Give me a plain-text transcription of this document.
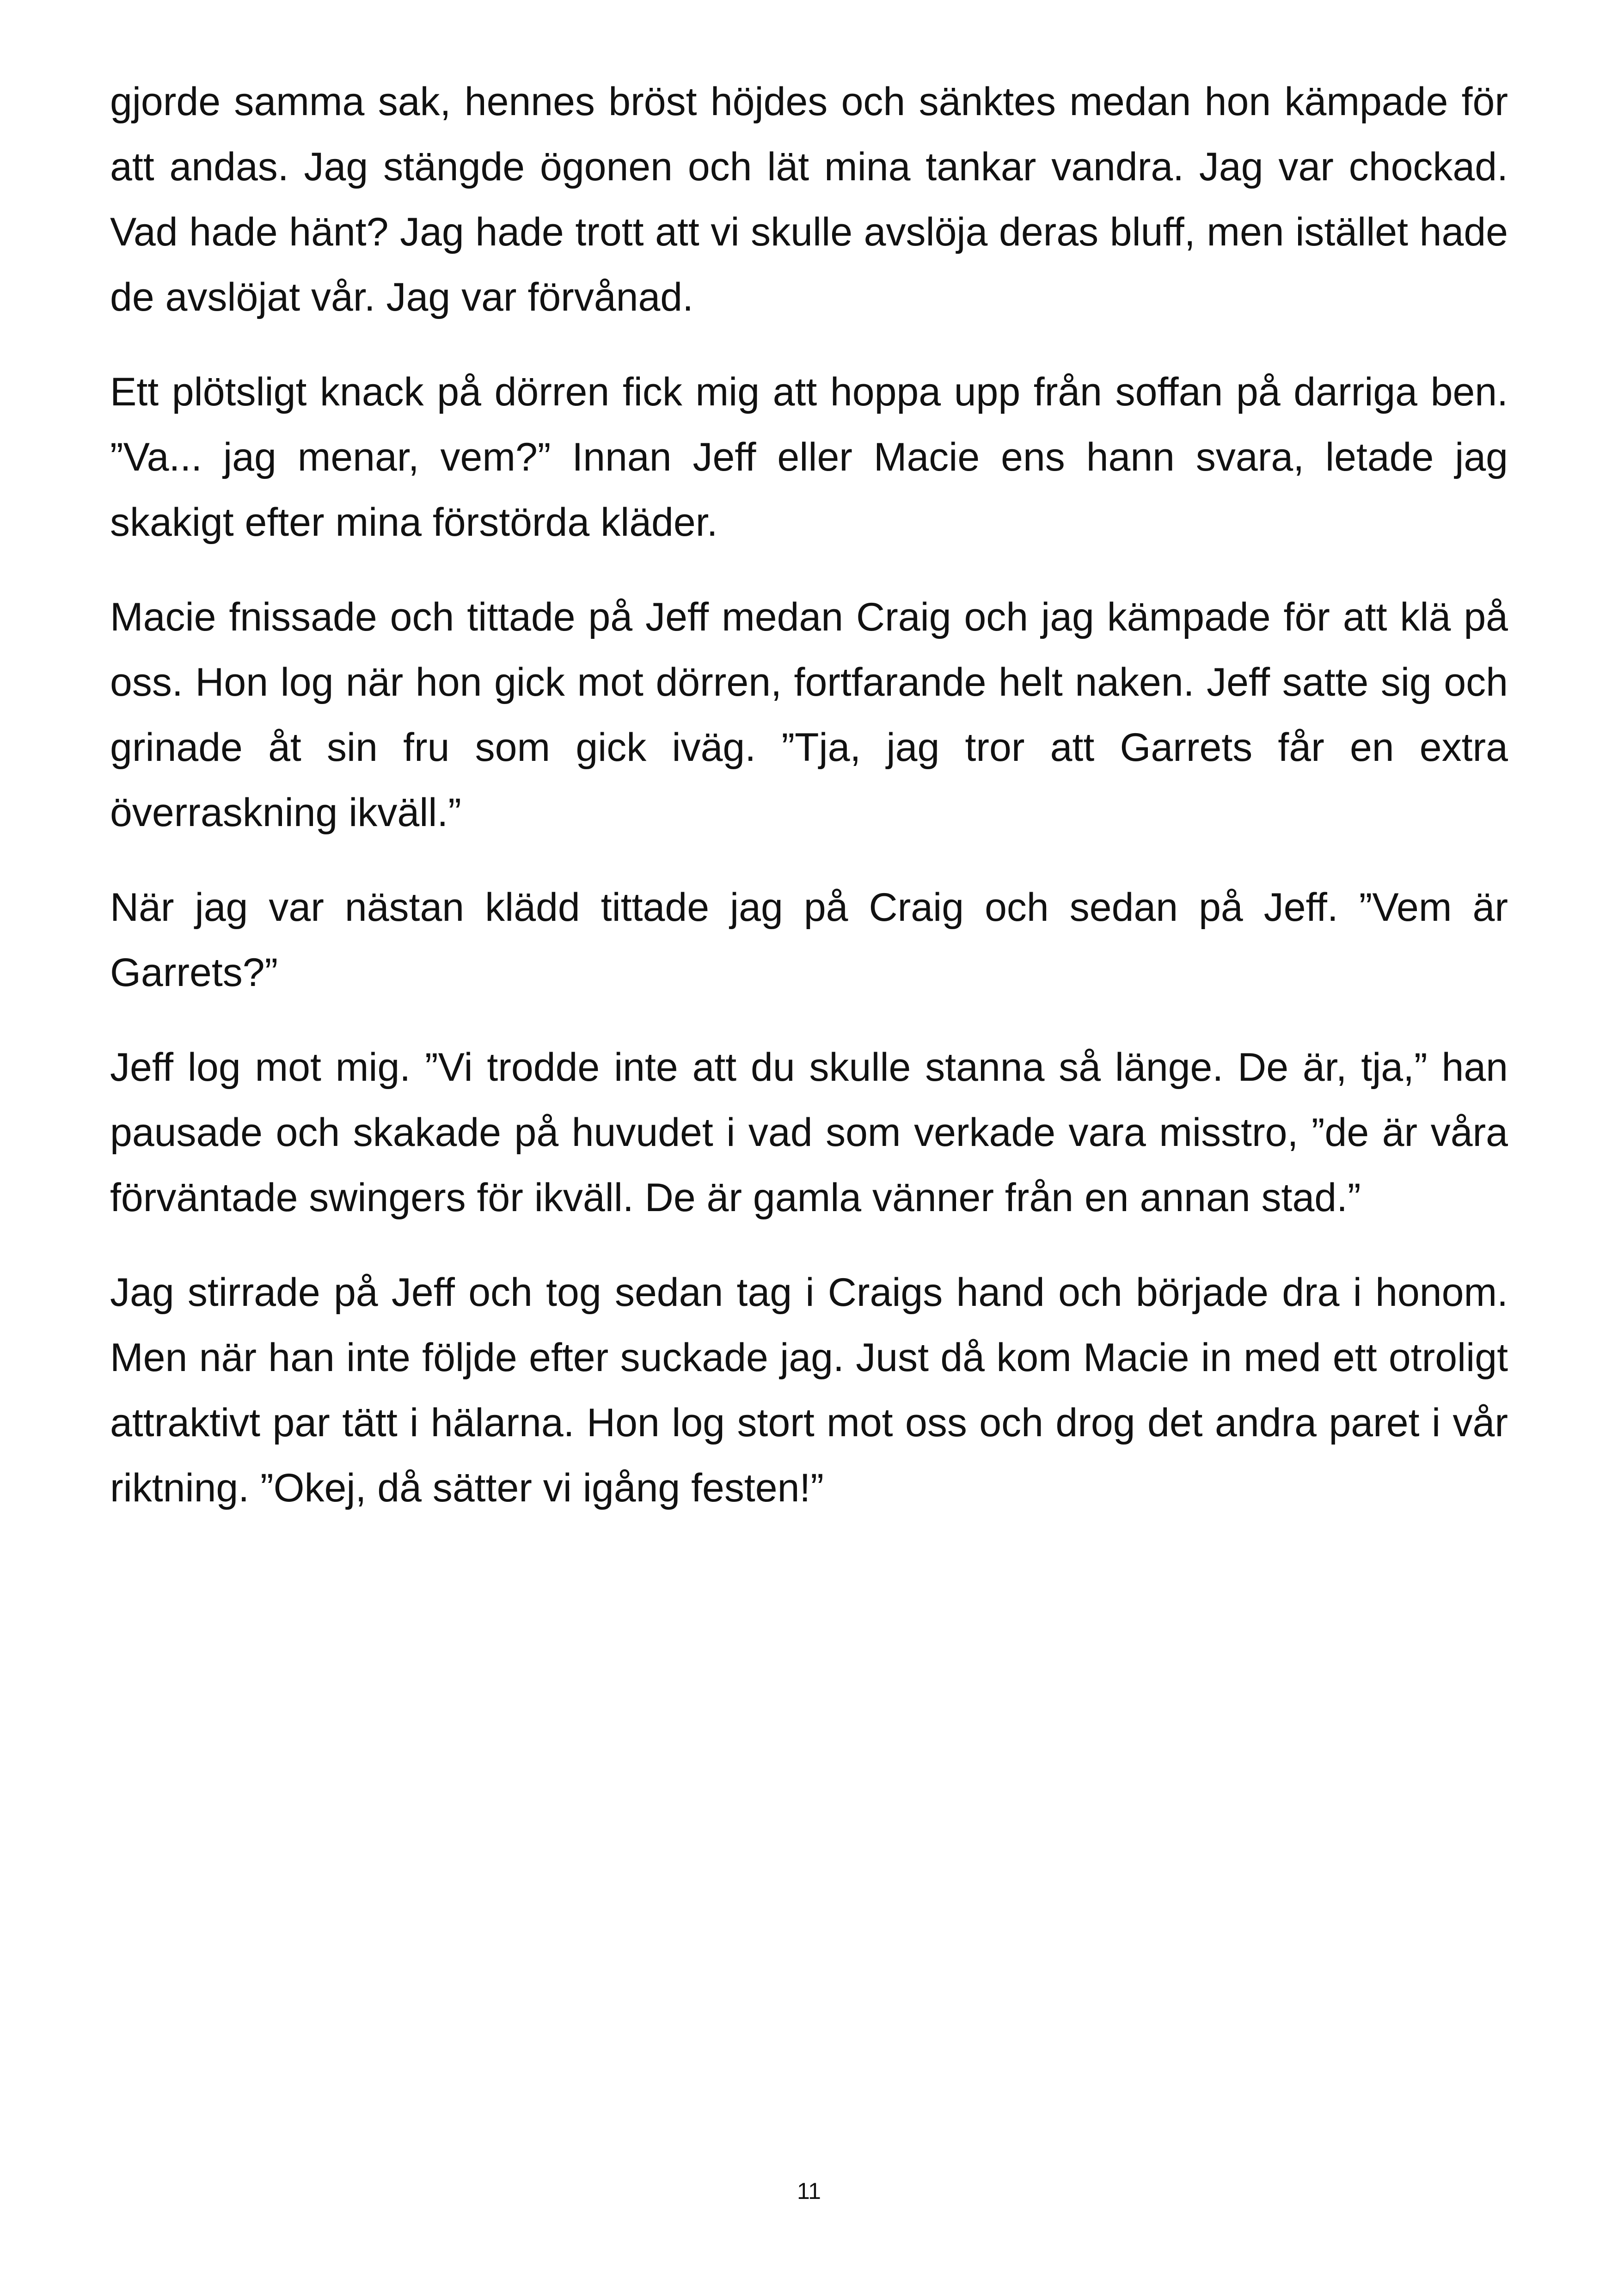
gjorde samma sak, hennes bröst höjdes och sänktes medan hon kämpade för att andas. Jag stängde ögonen och lät mina tankar vandra. Jag var chockad. Vad hade hänt? Jag hade trott att vi skulle avslöja deras bluff, men istället hade de avslöjat vår. Jag var förvånad.

Ett plötsligt knack på dörren fick mig att hoppa upp från soffan på darriga ben. ”Va... jag menar, vem?” Innan Jeff eller Macie ens hann svara, letade jag skakigt efter mina förstörda kläder.

Macie fnissade och tittade på Jeff medan Craig och jag kämpade för att klä på oss. Hon log när hon gick mot dörren, fortfarande helt naken. Jeff satte sig och grinade åt sin fru som gick iväg. ”Tja, jag tror att Garrets får en extra överraskning ikväll.”

När jag var nästan klädd tittade jag på Craig och sedan på Jeff. ”Vem är Garrets?”

Jeff log mot mig. ”Vi trodde inte att du skulle stanna så länge. De är, tja,” han pausade och skakade på huvudet i vad som verkade vara misstro, ”de är våra förväntade swingers för ikväll. De är gamla vänner från en annan stad.”

Jag stirrade på Jeff och tog sedan tag i Craigs hand och började dra i honom. Men när han inte följde efter suckade jag. Just då kom Macie in med ett otroligt attraktivt par tätt i hälarna. Hon log stort mot oss och drog det andra paret i vår riktning. ”Okej, då sätter vi igång festen!”

11
